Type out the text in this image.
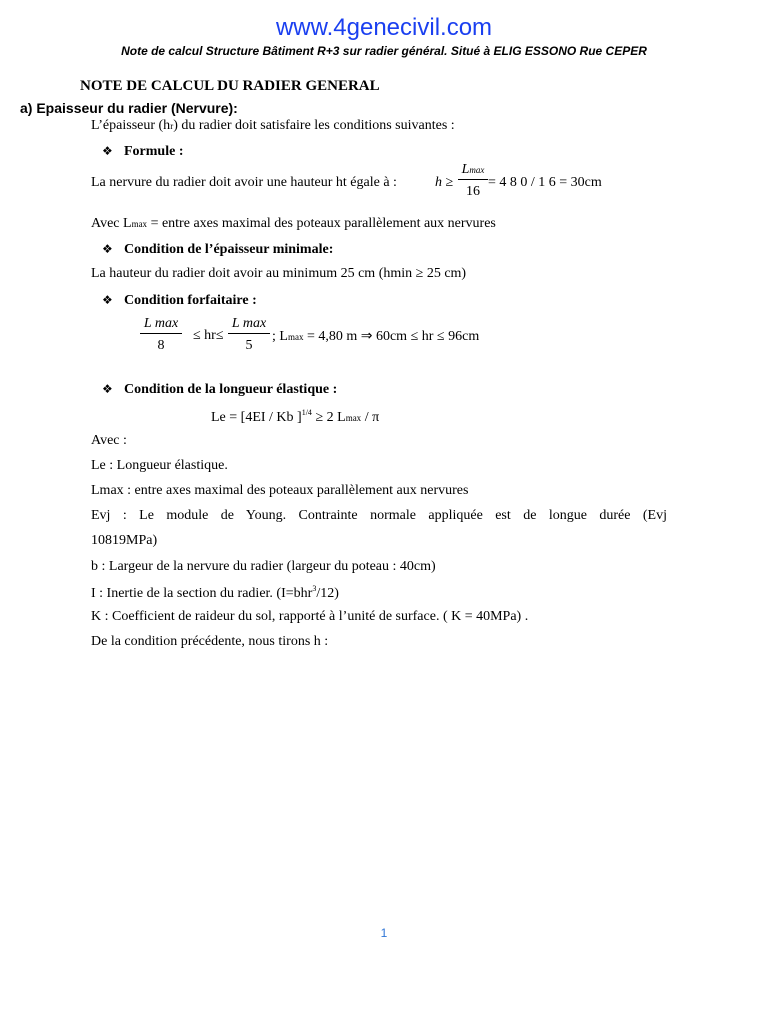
www.4genecivil.com
Note de calcul Structure Bâtiment R+3 sur radier général. Situé à ELIG ESSONO Rue CEPER
NOTE DE CALCUL DU RADIER GENERAL
a) Epaisseur du radier (Nervure):
L’épaisseur (hr) du radier doit satisfaire les conditions suivantes :
❖ Formule :
La nervure du radier doit avoir une hauteur ht égale à :	h ≥
Lmax
16
= 4 8 0 / 1 6 = 30cm
Avec Lmax = entre axes maximal des poteaux parallèlement aux nervures
❖ Condition de l’épaisseur minimale:
La hauteur du radier doit avoir au minimum 25 cm (hmin ≥ 25 cm)
❖ Condition forfaitaire :
L max
8
≤ hr≤
L max
5
; Lmax = 4,80 m ⇒ 60cm ≤ hr ≤ 96cm
❖ Condition de la longueur élastique :
Le = [4EI / Kb ]$^{1/4}$ ≥ 2 Lmax / π
Avec :
Le : Longueur élastique.
Lmax : entre axes maximal des poteaux parallèlement aux nervures
Evj : Le module de Young. Contrainte normale appliquée est de longue durée (Evj
10819MPa)
b : Largeur de la nervure du radier (largeur du poteau : 40cm)
I : Inertie de la section du radier. (I=bhr$^3$/12)
K : Coefficient de raideur du sol, rapporté à l’unité de surface. ( K = 40MPa) .
De la condition précédente, nous tirons h :
1
